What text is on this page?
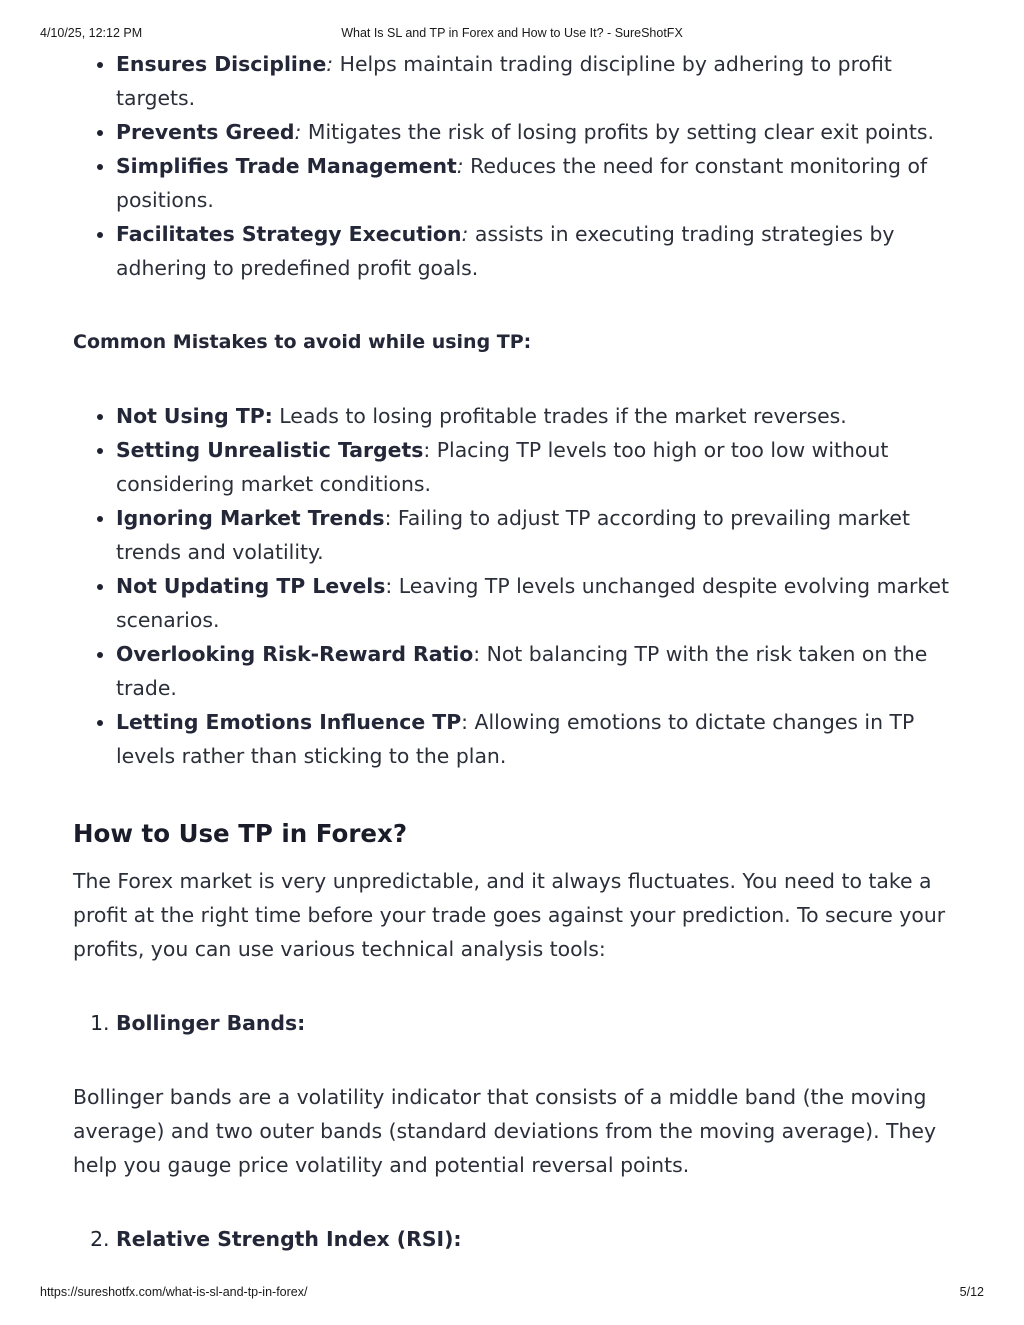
4/10/25, 12:12 PM	What Is SL and TP in Forex and How to Use It? - SureShotFX
• Ensures Discipline: Helps maintain trading discipline by adhering to profit targets.
• Prevents Greed: Mitigates the risk of losing profits by setting clear exit points.
• Simplifies Trade Management: Reduces the need for constant monitoring of positions.
• Facilitates Strategy Execution: assists in executing trading strategies by adhering to predefined profit goals.

Common Mistakes to avoid while using TP:

• Not Using TP: Leads to losing profitable trades if the market reverses.
• Setting Unrealistic Targets: Placing TP levels too high or too low without considering market conditions.
• Ignoring Market Trends: Failing to adjust TP according to prevailing market trends and volatility.
• Not Updating TP Levels: Leaving TP levels unchanged despite evolving market scenarios.
• Overlooking Risk-Reward Ratio: Not balancing TP with the risk taken on the trade.
• Letting Emotions Influence TP: Allowing emotions to dictate changes in TP levels rather than sticking to the plan.
How to Use TP in Forex?

The Forex market is very unpredictable, and it always fluctuates. You need to take a profit at the right time before your trade goes against your prediction. To secure your profits, you can use various technical analysis tools:

1. Bollinger Bands:

Bollinger bands are a volatility indicator that consists of a middle band (the moving average) and two outer bands (standard deviations from the moving average). They help you gauge price volatility and potential reversal points.

2. Relative Strength Index (RSI):
https://sureshotfx.com/what-is-sl-and-tp-in-forex/	5/12
